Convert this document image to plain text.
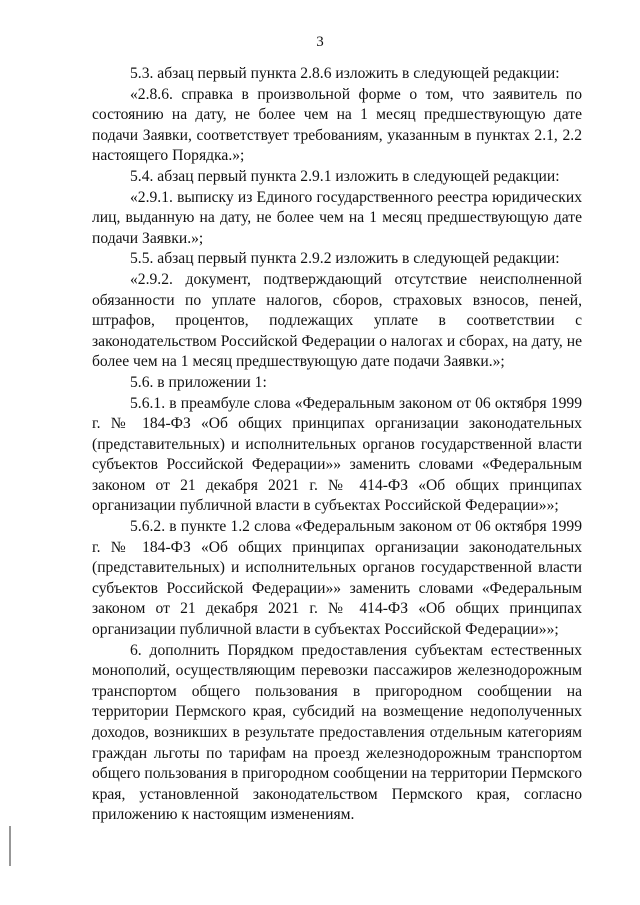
3

5.3. абзац первый пункта 2.8.6 изложить в следующей редакции:

«2.8.6. справка в произвольной форме о том, что заявитель по состоянию на дату, не более чем на 1 месяц предшествующую дате подачи Заявки, соответствует требованиям, указанным в пунктах 2.1, 2.2 настоящего Порядка.»;

5.4. абзац первый пункта 2.9.1 изложить в следующей редакции:

«2.9.1. выписку из Единого государственного реестра юридических лиц, выданную на дату, не более чем на 1 месяц предшествующую дате подачи Заявки.»;

5.5. абзац первый пункта 2.9.2 изложить в следующей редакции:

«2.9.2. документ, подтверждающий отсутствие неисполненной обязанности по уплате налогов, сборов, страховых взносов, пеней, штрафов, процентов, подлежащих уплате в соответствии с законодательством Российской Федерации о налогах и сборах, на дату, не более чем на 1 месяц предшествующую дате подачи Заявки.»;

5.6. в приложении 1:

5.6.1. в преамбуле слова «Федеральным законом от 06 октября 1999 г. № 184-ФЗ «Об общих принципах организации законодательных (представительных) и исполнительных органов государственной власти субъектов Российской Федерации»» заменить словами «Федеральным законом от 21 декабря 2021 г. № 414-ФЗ «Об общих принципах организации публичной власти в субъектах Российской Федерации»»;

5.6.2. в пункте 1.2 слова «Федеральным законом от 06 октября 1999 г. № 184-ФЗ «Об общих принципах организации законодательных (представительных) и исполнительных органов государственной власти субъектов Российской Федерации»» заменить словами «Федеральным законом от 21 декабря 2021 г. № 414-ФЗ «Об общих принципах организации публичной власти в субъектах Российской Федерации»»;

6. дополнить Порядком предоставления субъектам естественных монополий, осуществляющим перевозки пассажиров железнодорожным транспортом общего пользования в пригородном сообщении на территории Пермского края, субсидий на возмещение недополученных доходов, возникших в результате предоставления отдельным категориям граждан льготы по тарифам на проезд железнодорожным транспортом общего пользования в пригородном сообщении на территории Пермского края, установленной законодательством Пермского края, согласно приложению к настоящим изменениям.
